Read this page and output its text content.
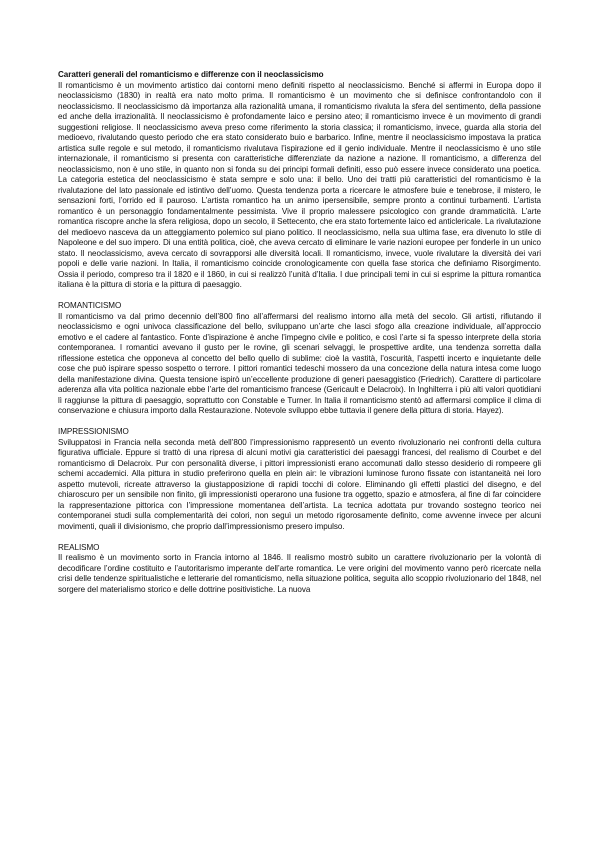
Caratteri generali del romanticismo e differenze con il neoclassicismo

Il romanticismo è un movimento artistico dai contorni meno definiti rispetto al neoclassicismo. Benché si affermi in Europa dopo il neoclassicismo (1830) in realtà era nato molto prima. Il romanticismo è un movimento che si definisce confrontandolo con il neoclassicismo. Il neoclassicismo dà importanza alla razionalità umana, il romanticismo rivaluta la sfera del sentimento, della passione ed anche della irrazionalità. Il neoclassicismo è profondamente laico e persino ateo; il romanticismo invece è un movimento di grandi suggestioni religiose. Il neoclassicismo aveva preso come riferimento la storia classica; il romanticismo, invece, guarda alla storia del medioevo, rivalutando questo periodo che era stato considerato buio e barbarico. Infine, mentre il neoclassicismo impostava la pratica artistica sulle regole e sul metodo, il romanticismo rivalutava l’ispirazione ed il genio individuale. Mentre il neoclassicismo è uno stile internazionale, il romanticismo si presenta con caratteristiche differenziate da nazione a nazione. Il romanticismo, a differenza del neoclassicismo, non è uno stile, in quanto non si fonda su dei principi formali definiti, esso può essere invece considerato una poetica. La categoria estetica del neoclassicismo è stata sempre e solo una: il bello. Uno dei tratti più caratteristici del romanticismo è la rivalutazione del lato passionale ed istintivo dell’uomo. Questa tendenza porta a ricercare le atmosfere buie e tenebrose, il mistero, le sensazioni forti, l’orrido ed il pauroso. L’artista romantico ha un animo ipersensibile, sempre pronto a continui turbamenti. L’artista romantico è un personaggio fondamentalmente pessimista. Vive il proprio malessere psicologico con grande drammaticità. L’arte romantica riscopre anche la sfera religiosa, dopo un secolo, il Settecento, che era stato fortemente laico ed anticlericale. La rivalutazione del medioevo nasceva da un atteggiamento polemico sul piano politico. Il neoclassicismo, nella sua ultima fase, era divenuto lo stile di Napoleone e del suo impero. Di una entità politica, cioè, che aveva cercato di eliminare le varie nazioni europee per fonderle in un unico stato. Il neoclassicismo, aveva cercato di sovrapporsi alle diversità locali. Il romanticismo, invece, vuole rivalutare la diversità dei vari popoli e delle varie nazioni. In Italia, il romanticismo coincide cronologicamente con quella fase storica che definiamo Risorgimento. Ossia il periodo, compreso tra il 1820 e il 1860, in cui si realizzò l’unità d’Italia. I due principali temi in cui si esprime la pittura romantica italiana è la pittura di storia e la pittura di paesaggio.

ROMANTICISMO

Il romanticismo va dal primo decennio dell’800 fino all’affermarsi del realismo intorno alla metà del secolo. Gli artisti, rifiutando il neoclassicismo e ogni univoca classificazione del bello, sviluppano un’arte che lasci sfogo alla creazione individuale, all’approccio emotivo e el cadere al fantastico. Fonte d’ispirazione è anche l’impegno civile e politico, e così l’arte si fa spesso interprete della storia contemporanea. I romantici avevano il gusto per le rovine, gli scenari selvaggi, le prospettive ardite, una tendenza sorretta dalla riflessione estetica che opponeva al concetto del bello quello di sublime: cioè la vastità, l’oscurità, l’aspetti incerto e inquietante delle cose che può ispirare spesso sospetto o terrore. I pittori romantici tedeschi mossero da una concezione della natura intesa come luogo della manifestazione divina. Questa tensione ispirò un’eccellente produzione di generi paesaggistico (Friedrich). Carattere di particolare aderenza alla vita politica nazionale ebbe l’arte del romanticismo francese (Gericault e Delacroix). In Inghilterra i più alti valori quotidiani lì raggiunse la pittura di paesaggio, soprattutto con Constable e Turner. In Italia il romanticismo stentò ad affermarsi complice il clima di conservazione e chiusura importo dalla Restaurazione. Notevole sviluppo ebbe tuttavia il genere della pittura di storia. Hayez).

IMPRESSIONISMO

Sviluppatosi in Francia nella seconda metà dell’800 l’impressionismo rappresentò un evento rivoluzionario nei confronti della cultura figurativa ufficiale. Eppure si trattò di una ripresa di alcuni motivi gia caratteristici dei paesaggi francesi, del realismo di Courbet e del romanticismo di Delacroix. Pur con personalità diverse, i pittori impressionisti erano accomunati dallo stesso desiderio di rompeere gli schemi accademici. Alla pittura in studio preferirono quella en plein air: le vibrazioni luminose furono fissate con istantaneità nei loro aspetto mutevoli, ricreate attraverso la giustapposizione di rapidi tocchi di colore. Eliminando gli effetti plastici del disegno, e del chiaroscuro per un sensibile non finito, gli impressionisti operarono una fusione tra oggetto, spazio e atmosfera, al fine di far coincidere la rappresentazione pittorica con l’impressione momentanea dell’artista. La tecnica adottata pur trovando sostegno teorico nei contemporanei studi sulla complementarità dei colori, non seguì un metodo rigorosamente definito, come avvenne invece per alcuni movimenti, quali il divisionismo, che proprio dall’impressionismo presero impulso.

REALISMO

Il realismo è un movimento sorto in Francia intorno al 1846. Il realismo mostrò subito un carattere rivoluzionario per la volontà di decodificare l’ordine costituito e l’autoritarismo imperante dell’arte romantica. Le vere origini del movimento vanno però ricercate nella crisi delle tendenze spiritualistiche e letterarie del romanticismo, nella situazione politica, seguita allo scoppio rivoluzionario del 1848, nel sorgere del materialismo storico e delle dottrine positivistiche. La nuova
